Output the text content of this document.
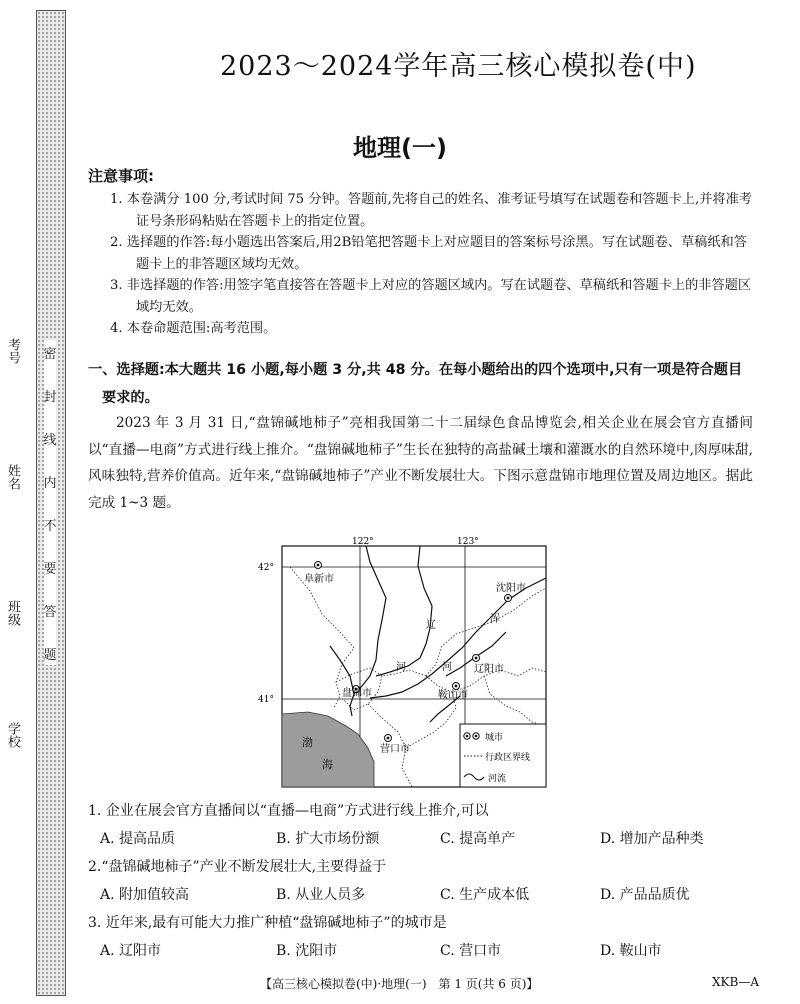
密
封
线
内
不
要
答
题
考号
姓名
班级
学校
2023～2024学年高三核心模拟卷(中)
地理(一)
注意事项:
1. 本卷满分 100 分,考试时间 75 分钟。答题前,先将自己的姓名、准考证号填写在试题卷和答题卡上,并将准考证号条形码粘贴在答题卡上的指定位置。
2. 选择题的作答:每小题选出答案后,用2B铅笔把答题卡上对应题目的答案标号涂黑。写在试题卷、草稿纸和答题卡上的非答题区域均无效。
3. 非选择题的作答:用签字笔直接答在答题卡上对应的答题区域内。写在试题卷、草稿纸和答题卡上的非答题区域均无效。
4. 本卷命题范围:高考范围。
一、选择题:本大题共 16 小题,每小题 3 分,共 48 分。在每小题给出的四个选项中,只有一项是符合题目
要求的。
2023 年 3 月 31 日,“盘锦碱地柿子”亮相我国第二十二届绿色食品博览会,相关企业在展会官方直播间以“直播—电商”方式进行线上推介。“盘锦碱地柿子”生长在独特的高盐碱土壤和灌溉水的自然环境中,肉厚味甜,风味独特,营养价值高。近年来,“盘锦碱地柿子”产业不断发展壮大。下图示意盘锦市地理位置及周边地区。据此完成 1~3 题。
122°	123°
42°
41°
阜新市
沈阳市
辽阳市
盘锦市	鞍山市
营口市
辽
浑
河	河
渤
海
城市
行政区界线
河流
1. 企业在展会官方直播间以“直播—电商”方式进行线上推介,可以
A. 提高品质	B. 扩大市场份额	C. 提高单产	D. 增加产品种类
2.“盘锦碱地柿子”产业不断发展壮大,主要得益于
A. 附加值较高	B. 从业人员多	C. 生产成本低	D. 产品品质优
3. 近年来,最有可能大力推广种植“盘锦碱地柿子”的城市是
A. 辽阳市	B. 沈阳市	C. 营口市	D. 鞍山市
【高三核心模拟卷(中)·地理(一)　第 1 页(共 6 页)】	XKB—A
